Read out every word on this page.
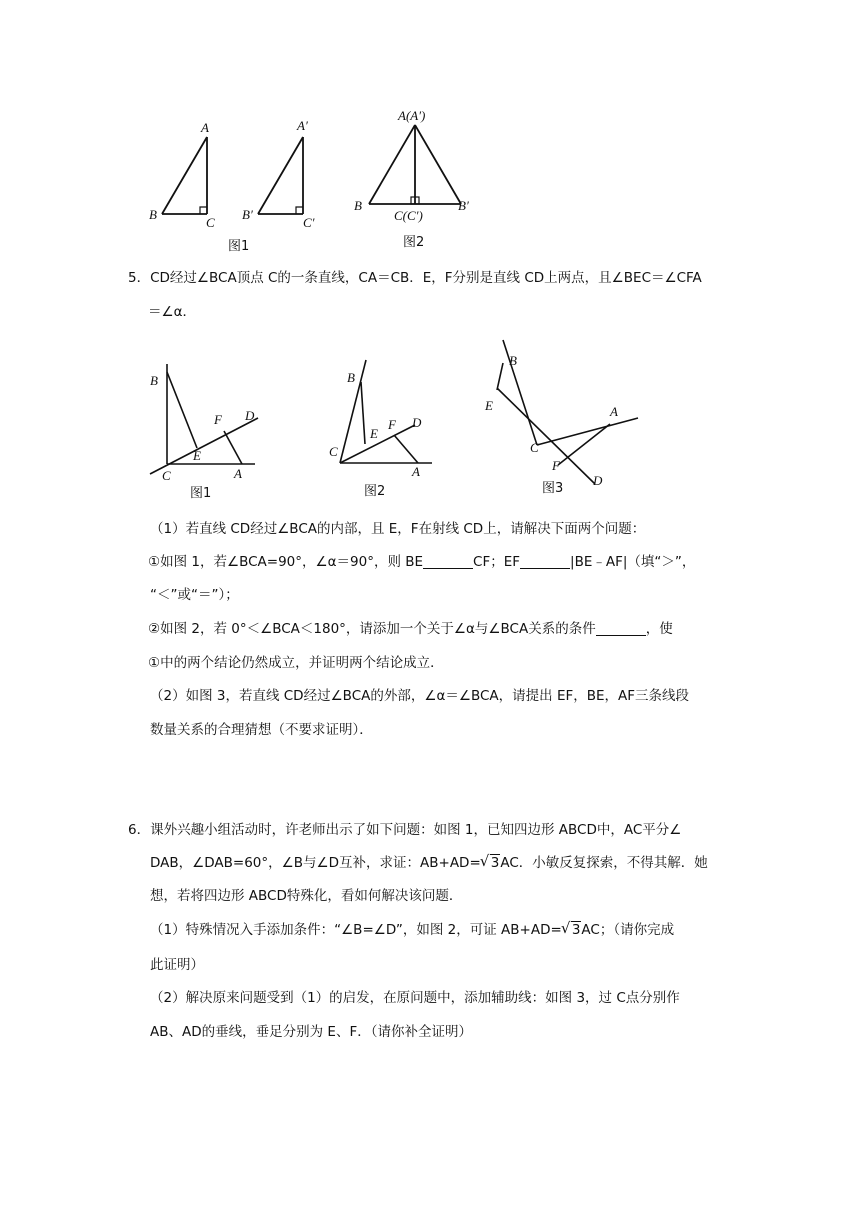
A
B
C
A′
B′
C′
A(A′)
B	B′
C(C′)
图1	图2
5．CD经过∠BCA顶点 C的一条直线，CA＝CB．E，F分别是直线 CD上两点，且∠BEC＝∠CFA
＝∠α．
B
C
E
F D
A
图1
B
C
E
F D
A
图2
B
E
C
A
F
D
图3
（1）若直线 CD经过∠BCA的内部，且 E，F在射线 CD上，请解决下面两个问题：
①如图 1，若∠BCA=90°，∠α＝90°，则 BE	CF；EF	|BE﹣AF|（填“＞”，
“＜”或“＝”）；
②如图 2，若 0°＜∠BCA＜180°，请添加一个关于∠α与∠BCA关系的条件	，使
①中的两个结论仍然成立，并证明两个结论成立．
（2）如图 3，若直线 CD经过∠BCA的外部，∠α＝∠BCA，请提出 EF，BE，AF三条线段
数量关系的合理猜想（不要求证明）．
6．课外兴趣小组活动时，许老师出示了如下问题：如图 1，已知四边形 ABCD中，AC平分∠
DAB，∠DAB=60°，∠B与∠D互补，求证：AB+AD= √ 3AC．小敏反复探索，不得其解．她
想，若将四边形 ABCD特殊化，看如何解决该问题．
（1）特殊情况入手添加条件：“∠B=∠D”，如图 2，可证 AB+AD= √ 3AC；（请你完成
此证明）
（2）解决原来问题受到（1）的启发，在原问题中，添加辅助线：如图 3，过 C点分别作
AB、AD的垂线，垂足分别为 E、F．（请你补全证明）
